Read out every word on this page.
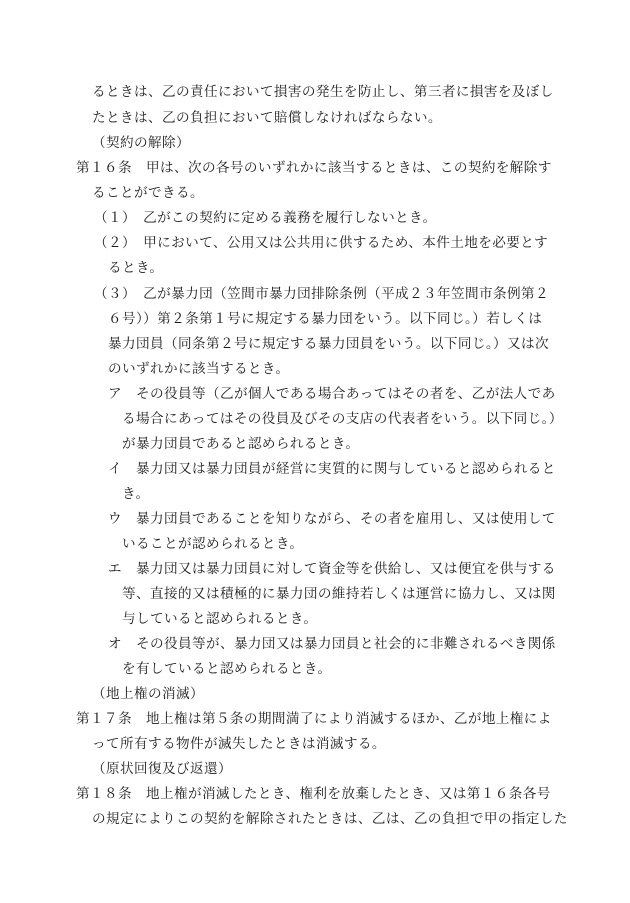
るときは、乙の責任において損害の発生を防止し、第三者に損害を及ぼし
たときは、乙の負担において賠償しなければならない。
（契約の解除）
第１６条　甲は、次の各号のいずれかに該当するときは、この契約を解除す
ることができる。
（１）　乙がこの契約に定める義務を履行しないとき。
（２）　甲において、公用又は公共用に供するため、本件土地を必要とす
るとき。
（３）　乙が暴力団（笠間市暴力団排除条例（平成２３年笠間市条例第２
６号））第２条第１号に規定する暴力団をいう。以下同じ。）若しくは
暴力団員（同条第２号に規定する暴力団員をいう。以下同じ。）又は次
のいずれかに該当するとき。
ア　その役員等（乙が個人である場合あってはその者を、乙が法人であ
る場合にあってはその役員及びその支店の代表者をいう。以下同じ。）
が暴力団員であると認められるとき。
イ　暴力団又は暴力団員が経営に実質的に関与していると認められると
き。
ウ　暴力団員であることを知りながら、その者を雇用し、又は使用して
いることが認められるとき。
エ　暴力団又は暴力団員に対して資金等を供給し、又は便宜を供与する
等、直接的又は積極的に暴力団の維持若しくは運営に協力し、又は関
与していると認められるとき。
オ　その役員等が、暴力団又は暴力団員と社会的に非難されるべき関係
を有していると認められるとき。
（地上権の消滅）
第１７条　地上権は第５条の期間満了により消滅するほか、乙が地上権によ
って所有する物件が滅失したときは消滅する。
（原状回復及び返還）
第１８条　地上権が消滅したとき、権利を放棄したとき、又は第１６条各号
の規定によりこの契約を解除されたときは、乙は、乙の負担で甲の指定した
